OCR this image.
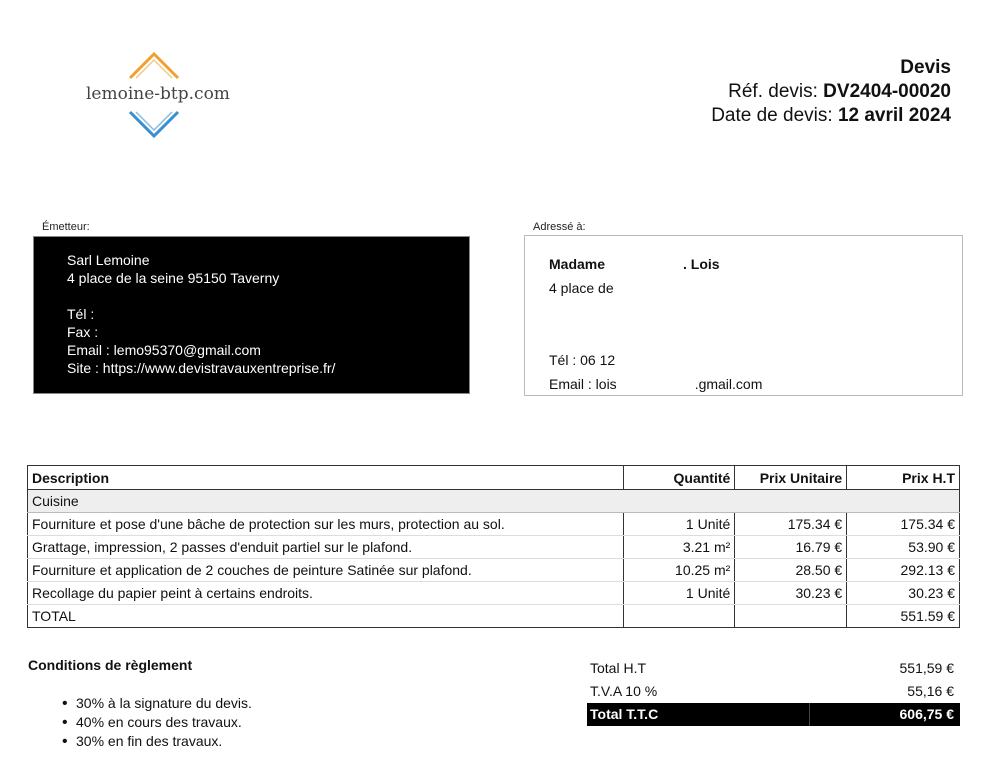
lemoine-btp.com
Devis
Réf. devis: DV2404-00020
Date de devis: 12 avril 2024
Émetteur:
Sarl Lemoine
4 place de la seine 95150 Taverny
Tél :
Fax :
Email : lemo95370@gmail.com
Site : https://www.devistravauxentreprise.fr/
Adressé à:
Madame	. Lois
4 place de
Tél : 06 12
Email : lois	.gmail.com
Description	Quantité	Prix Unitaire	Prix H.T
Cuisine			
Fourniture et pose d'une bâche de protection sur les murs, protection au sol.	1 Unité	175.34 €	175.34 €
Grattage, impression, 2 passes d'enduit partiel sur le plafond.	3.21 m²	16.79 €	53.90 €
Fourniture et application de 2 couches de peinture Satinée sur plafond.	10.25 m²	28.50 €	292.13 €
Recollage du papier peint à certains endroits.	1 Unité	30.23 €	30.23 €
TOTAL			551.59 €
Conditions de règlement
• 30% à la signature du devis.
• 40% en cours des travaux.
• 30% en fin des travaux.
Total H.T	551,59 €
T.V.A 10 %	55,16 €
Total T.T.C	606,75 €
